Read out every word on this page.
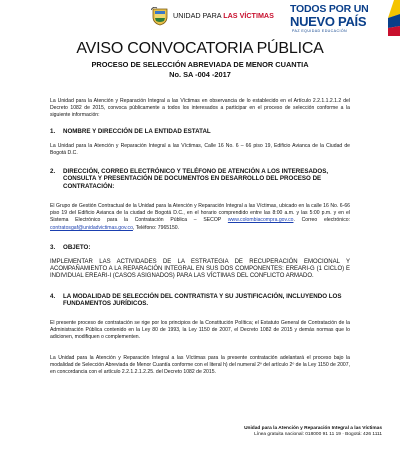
UNIDAD PARA LAS VÍCTIMAS
TODOS POR UN
NUEVO PAÍS
PAZ EQUIDAD EDUCACIÓN
AVISO CONVOCATORIA PÚBLICA
PROCESO DE SELECCIÓN ABREVIADA DE MENOR CUANTIA
No. SA -004 -2017

La Unidad para la Atención y Reparación Integral a las Víctimas en observancia de lo establecido en el Artículo 2.2.1.1.2.1.2 del Decreto 1082 de 2015, convoca públicamente a todos los interesados a participar en el proceso de selección conforme a la siguiente información:

1. NOMBRE Y DIRECCIÓN DE LA ENTIDAD ESTATAL

La Unidad para la Atención y Reparación Integral a las Víctimas, Calle 16 No. 6 – 66 piso 19, Edificio Avianca de la Ciudad de Bogotá D.C.

2. DIRECCIÓN, CORREO ELECTRÓNICO Y TELÉFONO DE ATENCIÓN A LOS INTERESADOS, CONSULTA Y PRESENTACIÓN DE DOCUMENTOS EN DESARROLLO DEL PROCESO DE CONTRATACIÓN:

El Grupo de Gestión Contractual de la Unidad para la Atención y Reparación Integral a las Víctimas, ubicado en la calle 16 No. 6-66 piso 19 del Edificio Avianca de la ciudad de Bogotá D.C., en el horario comprendido entre las 8:00 a.m. y las 5:00 p.m. y en el Sistema Electrónico para la Contratación Pública – SECOP www.colombiacompra.gov.co. Correo electrónico: contratosgaf@unidadvictimas.gov.co, Teléfono: 7965150.

3. OBJETO:
IMPLEMENTAR LAS ACTIVIDADES DE LA ESTRATEGIA DE RECUPERACIÓN EMOCIONAL Y ACOMPAÑAMIENTO A LA REPARACIÓN INTEGRAL EN SUS DOS COMPONENTES: EREARI-G (1 CICLO) E INDIVIDUAL EREARI-I (CASOS ASIGNADOS) PARA LAS VÍCTIMAS DEL CONFLICTO ARMADO.
4. LA MODALIDAD DE SELECCIÓN DEL CONTRATISTA Y SU JUSTIFICACIÓN, INCLUYENDO LOS FUNDAMENTOS JURÍDICOS.

El presente proceso de contratación se rige por los principios de la Constitución Política; el Estatuto General de Contratación de la Administración Pública contenido en la Ley 80 de 1993, la Ley 1150 de 2007, el Decreto 1082 de 2015 y demás normas que lo adicionen, modifiquen o complementen.

La Unidad para la Atención y Reparación Integral a las Víctimas para la presente contratación adelantará el proceso bajo la modalidad de Selección Abreviada de Menor Cuantía conforme con el literal h) del numeral 2º del artículo 2º de la Ley 1150 de 2007, en concordancia con el artículo 2.2.1.2.1.2.25. del Decreto 1082 de 2015.

Unidad para la Atención y Reparación Integral a las Víctimas
Línea gratuita nacional: 018000 91 11 19 · Bogotá: 426 1111
